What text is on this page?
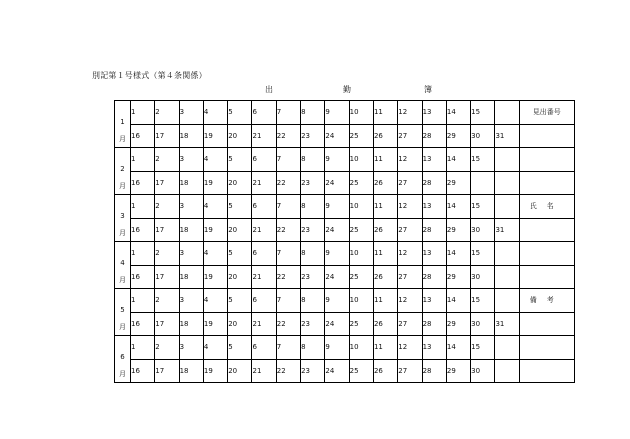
別記第１号様式（第４条関係）
出	勤	簿
1
月	1	2	3	4	5	6	7	8	9	10	11	12	13	14	15		見出番号
	16	17	18	19	20	21	22	23	24	25	26	27	28	29	30	31	

2
月	1	2	3	4	5	6	7	8	9	10	11	12	13	14	15		
	16	17	18	19	20	21	22	23	24	25	26	27	28	29			

3
月	1	2	3	4	5	6	7	8	9	10	11	12	13	14	15		氏名
	16	17	18	19	20	21	22	23	24	25	26	27	28	29	30	31	

4
月	1	2	3	4	5	6	7	8	9	10	11	12	13	14	15		
	16	17	18	19	20	21	22	23	24	25	26	27	28	29	30		

5
月	1	2	3	4	5	6	7	8	9	10	11	12	13	14	15		備考
	16	17	18	19	20	21	22	23	24	25	26	27	28	29	30	31	

6
月	1	2	3	4	5	6	7	8	9	10	11	12	13	14	15		
	16	17	18	19	20	21	22	23	24	25	26	27	28	29	30		
